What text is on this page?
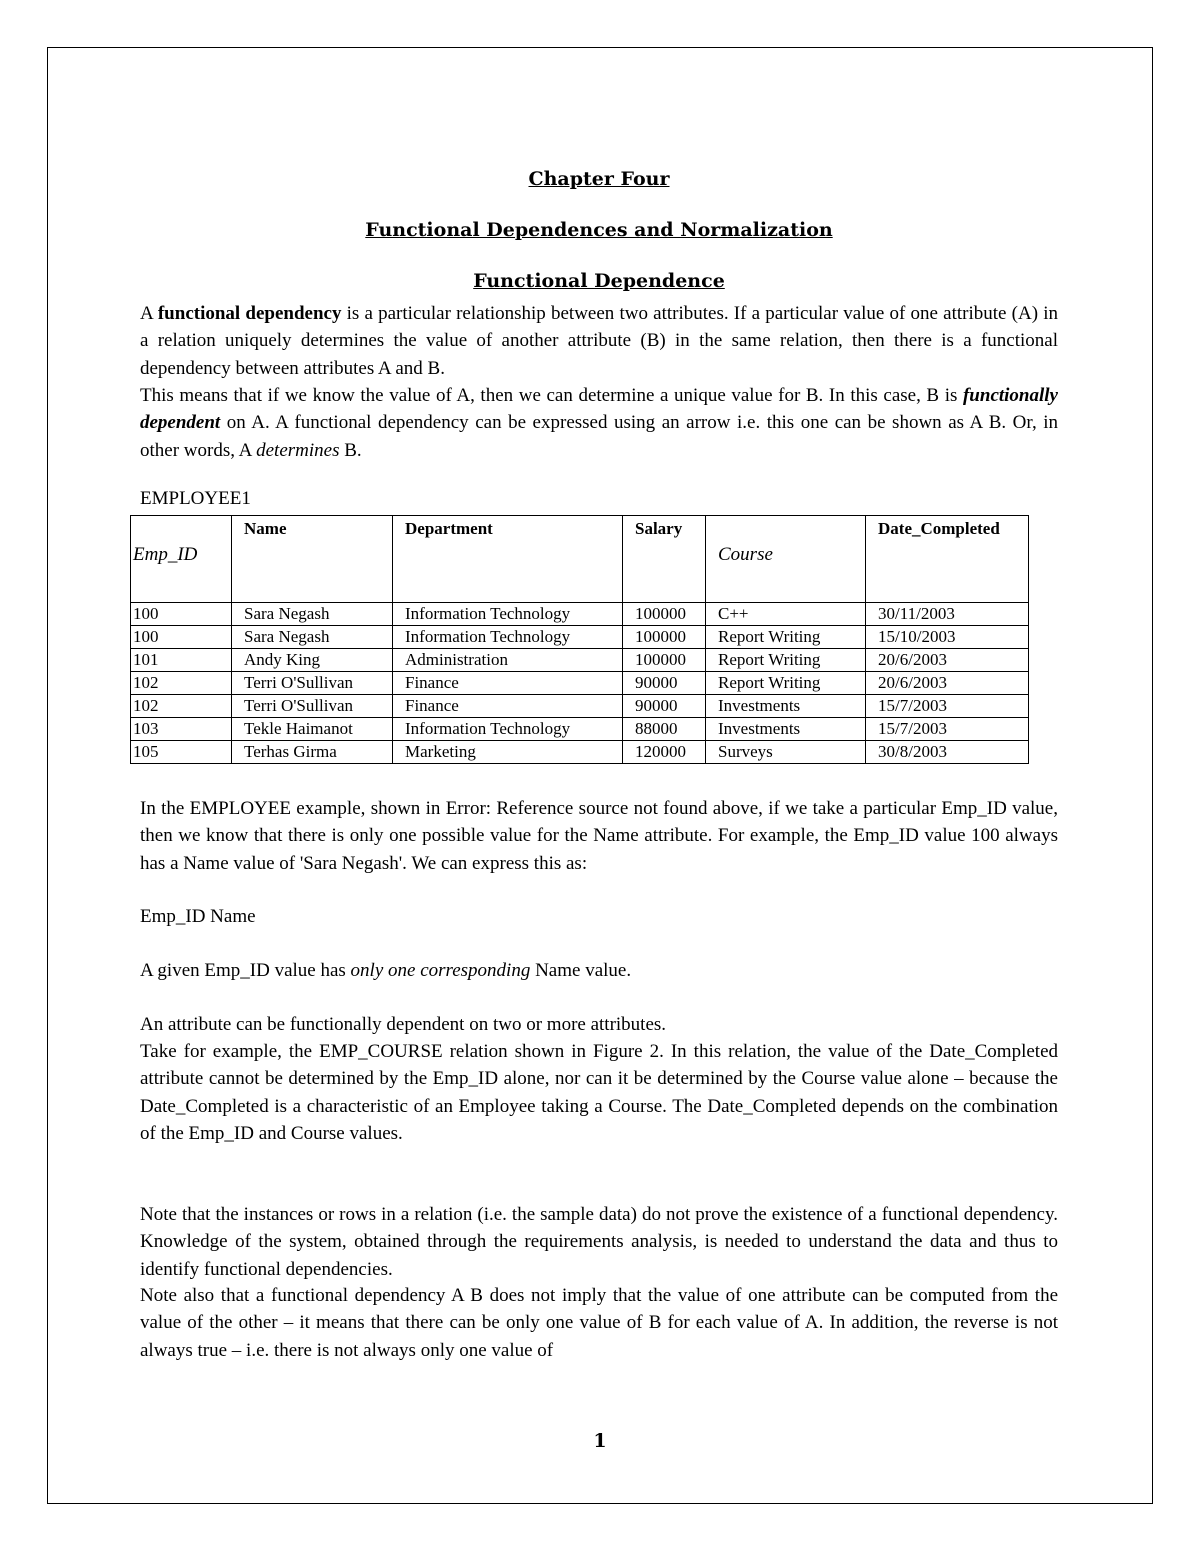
Chapter Four
Functional Dependences and Normalization
Functional Dependence
A functional dependency is a particular relationship between two attributes. If a particular value of one attribute (A) in a relation uniquely determines the value of another attribute (B) in the same relation, then there is a functional dependency between attributes A and B.
This means that if we know the value of A, then we can determine a unique value for B. In this case, B is functionally dependent on A. A functional dependency can be expressed using an arrow i.e. this one can be shown as A B. Or, in other words, A determines B.
EMPLOYEE1
Emp_ID	Name	Department	Salary	Course	Date_Completed
100	Sara Negash	Information Technology	100000	C++	30/11/2003
100	Sara Negash	Information Technology	100000	Report Writing	15/10/2003
101	Andy King	Administration	100000	Report Writing	20/6/2003
102	Terri O'Sullivan	Finance	90000	Report Writing	20/6/2003
102	Terri O'Sullivan	Finance	90000	Investments	15/7/2003
103	Tekle Haimanot	Information Technology	88000	Investments	15/7/2003
105	Terhas Girma	Marketing	120000	Surveys	30/8/2003
In the EMPLOYEE example, shown in Error: Reference source not found above, if we take a particular Emp_ID value, then we know that there is only one possible value for the Name attribute. For example, the Emp_ID value 100 always has a Name value of 'Sara Negash'. We can express this as:
Emp_ID Name
A given Emp_ID value has only one corresponding Name value.
An attribute can be functionally dependent on two or more attributes.
Take for example, the EMP_COURSE relation shown in Figure 2. In this relation, the value of the Date_Completed attribute cannot be determined by the Emp_ID alone, nor can it be determined by the Course value alone – because the Date_Completed is a characteristic of an Employee taking a Course. The Date_Completed depends on the combination of the Emp_ID and Course values.
Note that the instances or rows in a relation (i.e. the sample data) do not prove the existence of a functional dependency. Knowledge of the system, obtained through the requirements analysis, is needed to understand the data and thus to identify functional dependencies.
Note also that a functional dependency A B does not imply that the value of one attribute can be computed from the value of the other – it means that there can be only one value of B for each value of A. In addition, the reverse is not always true – i.e. there is not always only one value of
1
